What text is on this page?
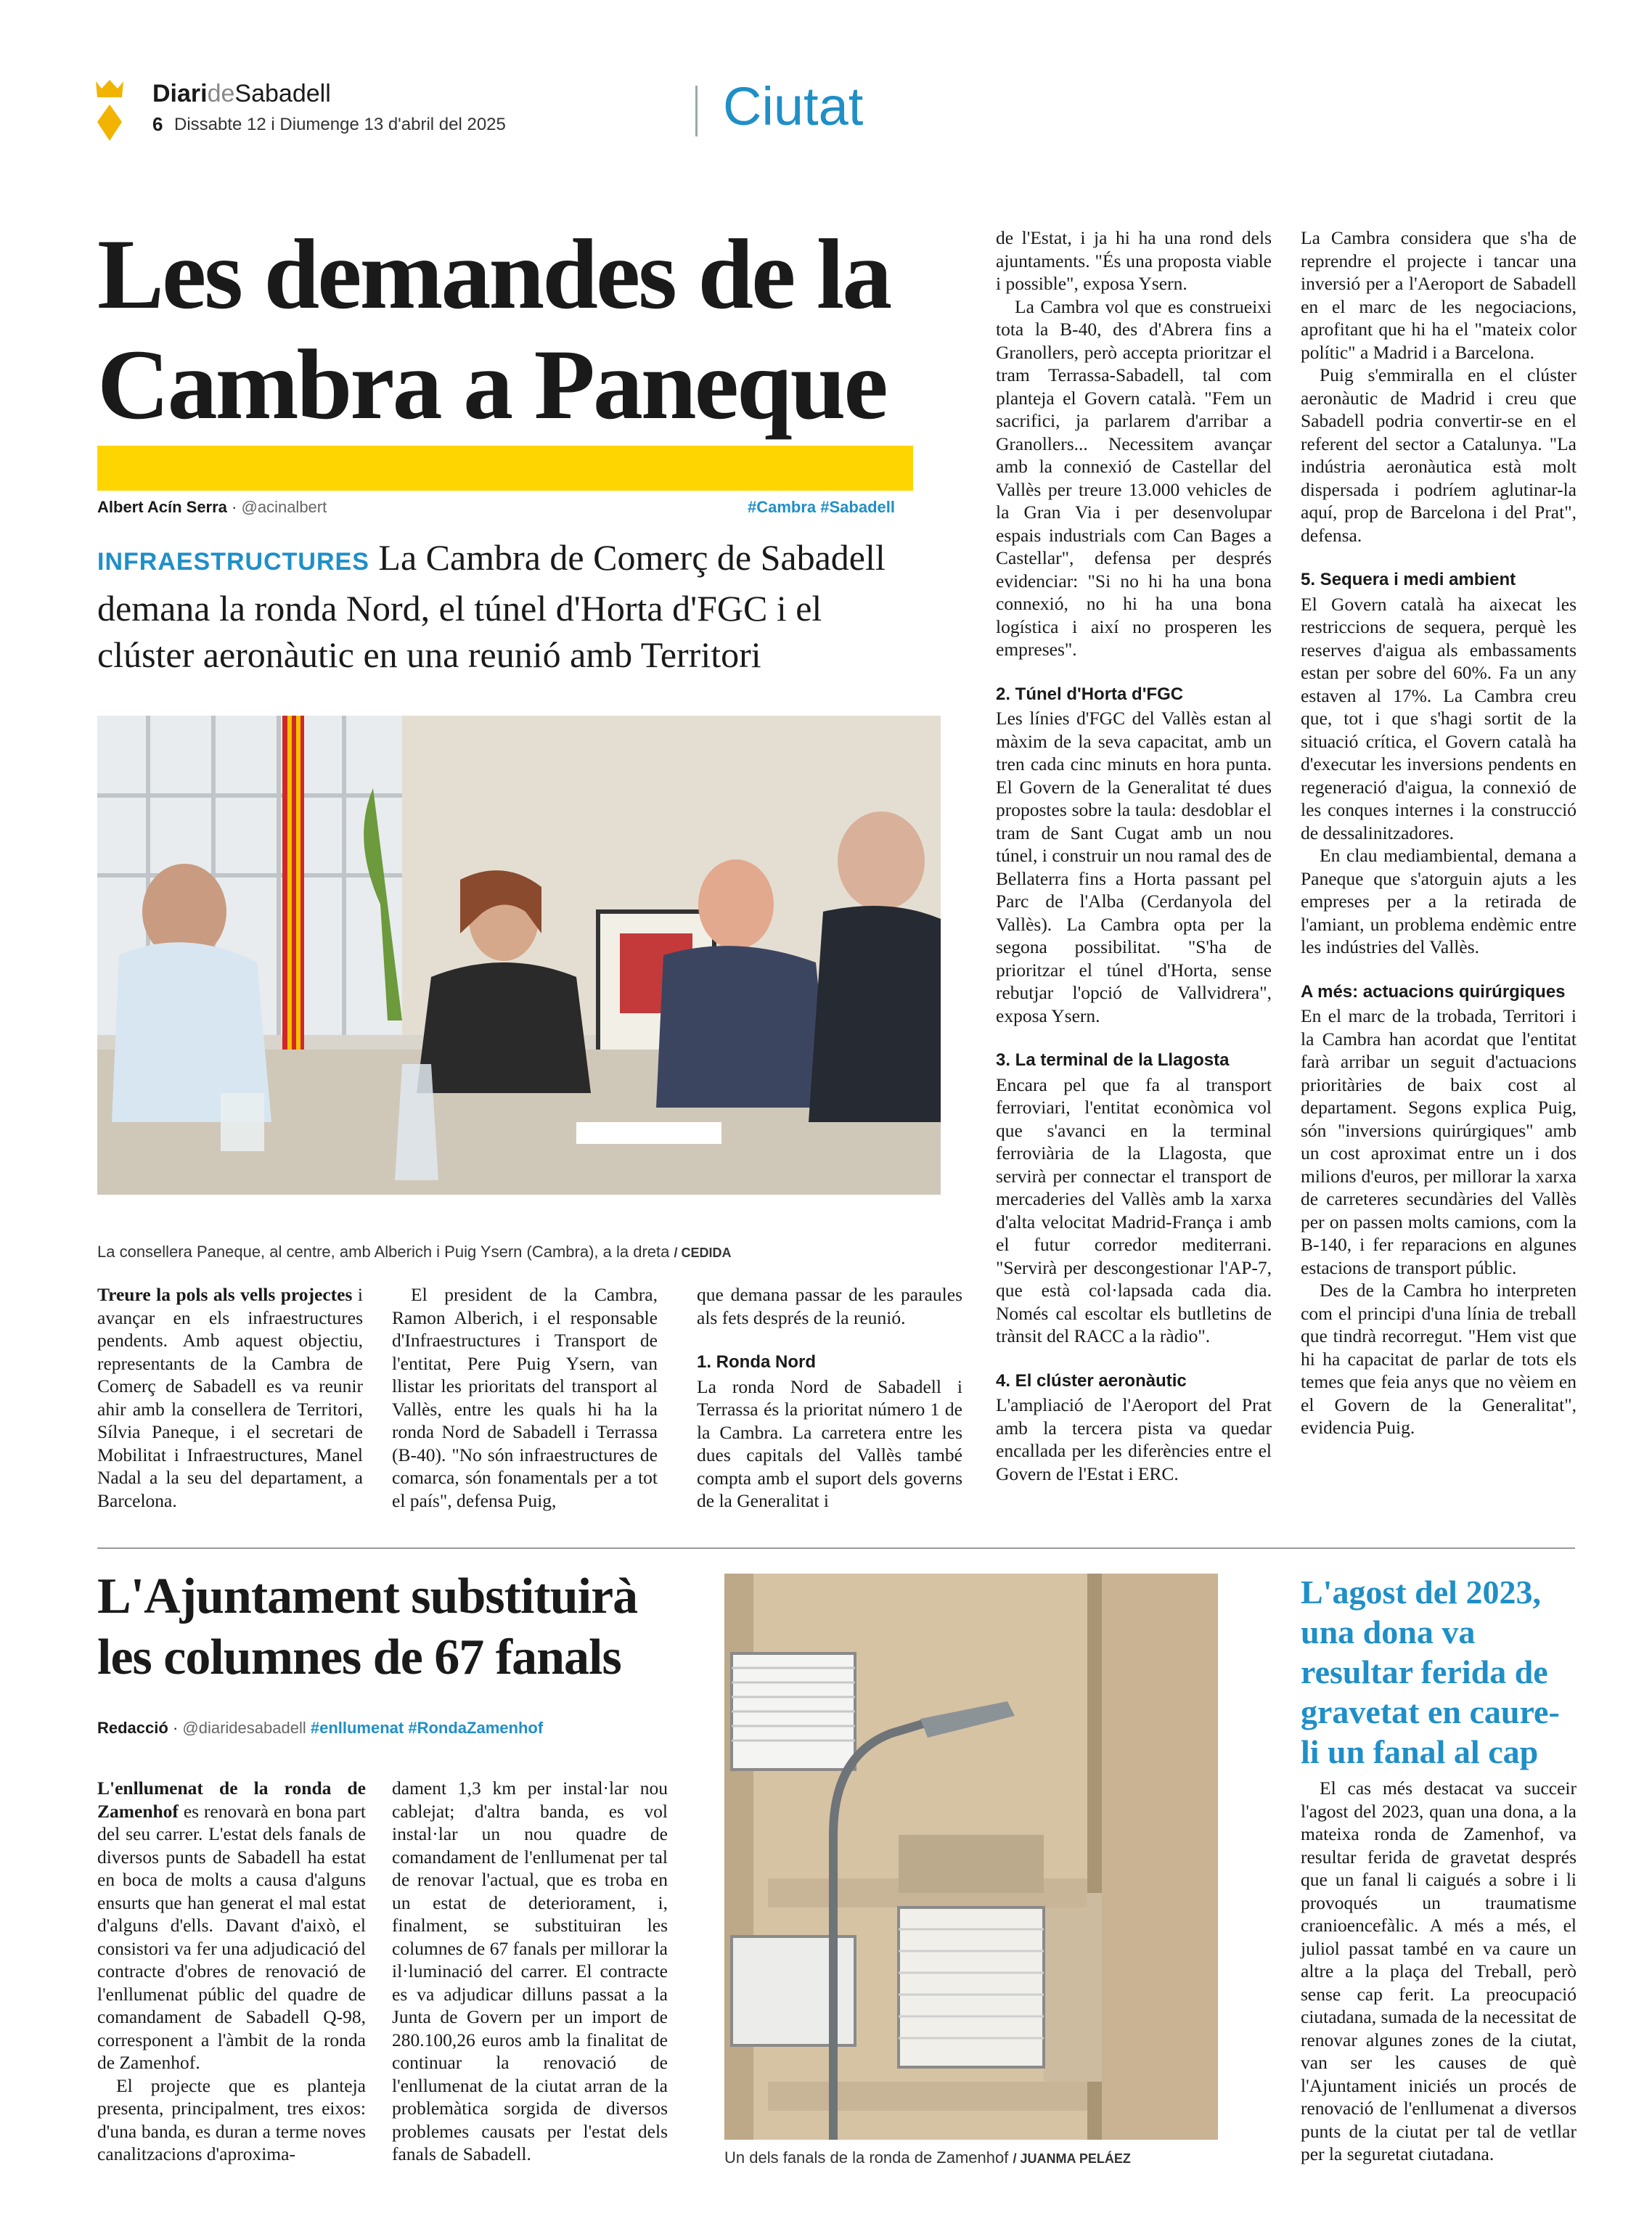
DiarideSabadell
6 Dissabte 12 i Diumenge 13 d'abril del 2025	Ciutat
Les demandes de la Cambra a Paneque
Albert Acín Serra · @acinalbert	#Cambra #Sabadell
INFRAESTRUCTURES La Cambra de Comerç de Sabadell demana la ronda Nord, el túnel d'Horta d'FGC i el clúster aeronàutic en una reunió amb Territori
La consellera Paneque, al centre, amb Alberich i Puig Ysern (Cambra), a la dreta / CEDIDA

Treure la pols als vells projectes i avançar en els infraestructures pendents. Amb aquest objectiu, representants de la Cambra de Comerç de Sabadell es va reunir ahir amb la consellera de Territori, Sílvia Paneque, i el secretari de Mobilitat i Infraestructures, Manel Nadal a la seu del departament, a Barcelona.

El president de la Cambra, Ramon Alberich, i el responsable d'Infraestructures i Transport de l'entitat, Pere Puig Ysern, van llistar les prioritats del transport al Vallès, entre les quals hi ha la ronda Nord de Sabadell i Terrassa (B-40). "No són infraestructures de comarca, són fonamentals per a tot el país", defensa Puig,

que demana passar de les paraules als fets després de la reunió.

1. Ronda Nord

La ronda Nord de Sabadell i Terrassa és la prioritat número 1 de la Cambra. La carretera entre les dues capitals del Vallès també compta amb el suport dels governs de la Generalitat i

de l'Estat, i ja hi ha una rond dels ajuntaments. "És una proposta viable i possible", exposa Ysern.

La Cambra vol que es construeixi tota la B-40, des d'Abrera fins a Granollers, però accepta prioritzar el tram Terrassa-Sabadell, tal com planteja el Govern català. "Fem un sacrifici, ja parlarem d'arribar a Granollers... Necessitem avançar amb la connexió de Castellar del Vallès per treure 13.000 vehicles de la Gran Via i per desenvolupar espais industrials com Can Bages a Castellar", defensa per després evidenciar: "Si no hi ha una bona connexió, no hi ha una bona logística i així no prosperen les empreses".

2. Túnel d'Horta d'FGC

Les línies d'FGC del Vallès estan al màxim de la seva capacitat, amb un tren cada cinc minuts en hora punta. El Govern de la Generalitat té dues propostes sobre la taula: desdoblar el tram de Sant Cugat amb un nou túnel, i construir un nou ramal des de Bellaterra fins a Horta passant pel Parc de l'Alba (Cerdanyola del Vallès). La Cambra opta per la segona possibilitat. "S'ha de prioritzar el túnel d'Horta, sense rebutjar l'opció de Vallvidrera", exposa Ysern.

3. La terminal de la Llagosta

Encara pel que fa al transport ferroviari, l'entitat econòmica vol que s'avanci en la terminal ferroviària de la Llagosta, que servirà per connectar el transport de mercaderies del Vallès amb la xarxa d'alta velocitat Madrid-França i amb el futur corredor mediterrani. "Servirà per descongestionar l'AP-7, que està col·lapsada cada dia. Només cal escoltar els butlletins de trànsit del RACC a la ràdio".

4. El clúster aeronàutic

L'ampliació de l'Aeroport del Prat amb la tercera pista va quedar encallada per les diferències entre el Govern de l'Estat i ERC.

La Cambra considera que s'ha de reprendre el projecte i tancar una inversió per a l'Aeroport de Sabadell en el marc de les negociacions, aprofitant que hi ha el "mateix color polític" a Madrid i a Barcelona.

Puig s'emmiralla en el clúster aeronàutic de Madrid i creu que Sabadell podria convertir-se en el referent del sector a Catalunya. "La indústria aeronàutica està molt dispersada i podríem aglutinar-la aquí, prop de Barcelona i del Prat", defensa.

5. Sequera i medi ambient

El Govern català ha aixecat les restriccions de sequera, perquè les reserves d'aigua als embassaments estan per sobre del 60%. Fa un any estaven al 17%. La Cambra creu que, tot i que s'hagi sortit de la situació crítica, el Govern català ha d'executar les inversions pendents en regeneració d'aigua, la connexió de les conques internes i la construcció de dessalinitzadores.

En clau mediambiental, demana a Paneque que s'atorguin ajuts a les empreses per a la retirada de l'amiant, un problema endèmic entre les indústries del Vallès.

A més: actuacions quirúrgiques

En el marc de la trobada, Territori i la Cambra han acordat que l'entitat farà arribar un seguit d'actuacions prioritàries de baix cost al departament. Segons explica Puig, són "inversions quirúrgiques" amb un cost aproximat entre un i dos milions d'euros, per millorar la xarxa de carreteres secundàries del Vallès per on passen molts camions, com la B-140, i fer reparacions en algunes estacions de transport públic.

Des de la Cambra ho interpreten com el principi d'una línia de treball que tindrà recorregut. "Hem vist que hi ha capacitat de parlar de tots els temes que feia anys que no vèiem en el Govern de la Generalitat", evidencia Puig.

L'Ajuntament substituirà les columnes de 67 fanals
Redacció · @diaridesabadell #enllumenat #RondaZamenhof

L'enllumenat de la ronda de Zamenhof es renovarà en bona part del seu carrer. L'estat dels fanals de diversos punts de Sabadell ha estat en boca de molts a causa d'alguns ensurts que han generat el mal estat d'alguns d'ells. Davant d'això, el consistori va fer una adjudicació del contracte d'obres de renovació de l'enllumenat públic del quadre de comandament de Sabadell Q-98, corresponent a l'àmbit de la ronda de Zamenhof.

El projecte que es planteja presenta, principalment, tres eixos: d'una banda, es duran a terme noves canalitzacions d'aproxima-

dament 1,3 km per instal·lar nou cablejat; d'altra banda, es vol instal·lar un nou quadre de comandament de l'enllumenat per tal de renovar l'actual, que es troba en un estat de deteriorament, i, finalment, se substituiran les columnes de 67 fanals per millorar la il·luminació del carrer. El contracte es va adjudicar dilluns passat a la Junta de Govern per un import de 280.100,26 euros amb la finalitat de continuar la renovació de l'enllumenat de la ciutat arran de la problemàtica sorgida de diversos problemes causats per l'estat dels fanals de Sabadell.	Un dels fanals de la ronda de Zamenhof / JUANMA PELÁEZ
L'agost del 2023, una dona va resultar ferida de gravetat en caure-li un fanal al cap

El cas més destacat va succeir l'agost del 2023, quan una dona, a la mateixa ronda de Zamenhof, va resultar ferida de gravetat després que un fanal li caigués a sobre i li provoqués un traumatisme cranioencefàlic. A més a més, el juliol passat també en va caure un altre a la plaça del Treball, però sense cap ferit. La preocupació ciutadana, sumada de la necessitat de renovar algunes zones de la ciutat, van ser les causes de què l'Ajuntament iniciés un procés de renovació de l'enllumenat a diversos punts de la ciutat per tal de vetllar per la seguretat ciutadana.
